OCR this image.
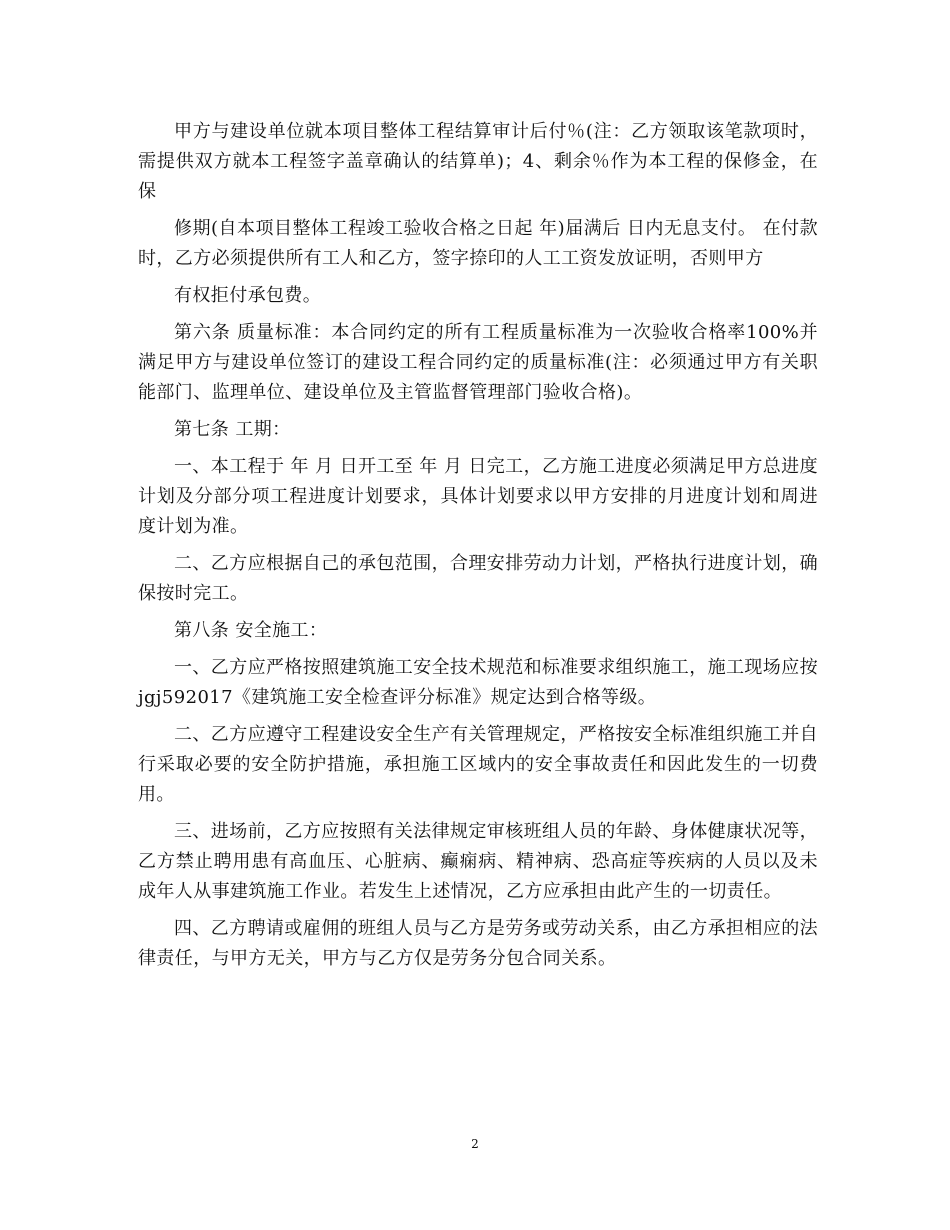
甲方与建设单位就本项目整体工程结算审计后付％(注：乙方领取该笔款项时，需提供双方就本工程签字盖章确认的结算单)；4、剩余％作为本工程的保修金，在保

修期(自本项目整体工程竣工验收合格之日起 年)届满后 日内无息支付。 在付款时，乙方必须提供所有工人和乙方，签字捺印的人工工资发放证明，否则甲方

有权拒付承包费。

第六条 质量标准：本合同约定的所有工程质量标准为一次验收合格率100%并满足甲方与建设单位签订的建设工程合同约定的质量标准(注：必须通过甲方有关职能部门、监理单位、建设单位及主管监督管理部门验收合格)。

第七条 工期：

一、本工程于 年 月 日开工至 年 月 日完工，乙方施工进度必须满足甲方总进度计划及分部分项工程进度计划要求，具体计划要求以甲方安排的月进度计划和周进度计划为准。

二、乙方应根据自己的承包范围，合理安排劳动力计划，严格执行进度计划，确保按时完工。

第八条 安全施工：

一、乙方应严格按照建筑施工安全技术规范和标准要求组织施工，施工现场应按 jgj592017《建筑施工安全检查评分标准》规定达到合格等级。

二、乙方应遵守工程建设安全生产有关管理规定，严格按安全标准组织施工并自行采取必要的安全防护措施，承担施工区域内的安全事故责任和因此发生的一切费用。

三、进场前，乙方应按照有关法律规定审核班组人员的年龄、身体健康状况等，乙方禁止聘用患有高血压、心脏病、癫痫病、精神病、恐高症等疾病的人员以及未成年人从事建筑施工作业。若发生上述情况，乙方应承担由此产生的一切责任。

四、乙方聘请或雇佣的班组人员与乙方是劳务或劳动关系，由乙方承担相应的法律责任，与甲方无关，甲方与乙方仅是劳务分包合同关系。

2
